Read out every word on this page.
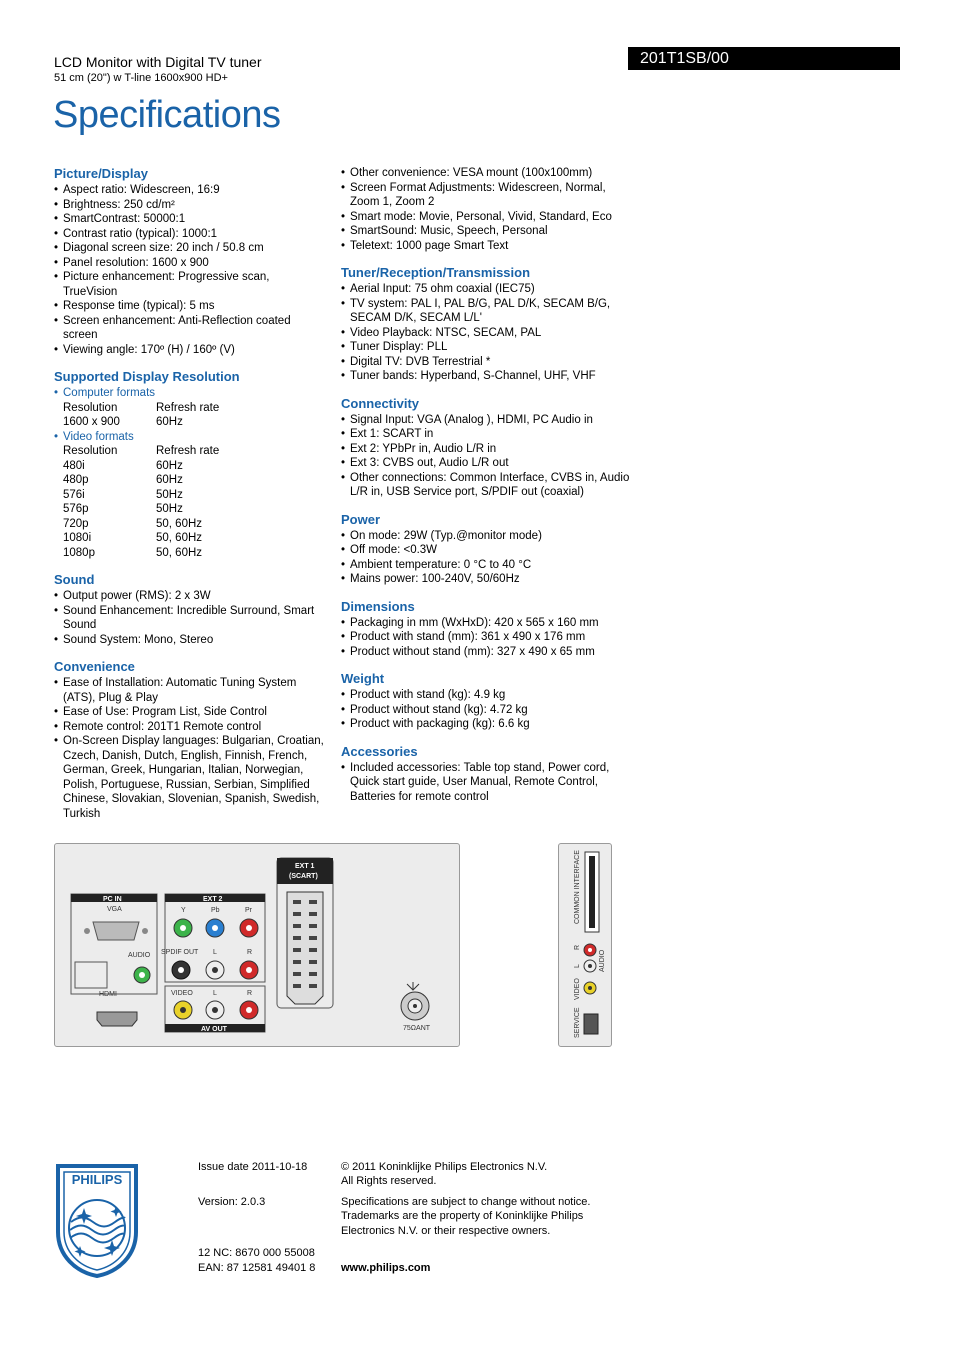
LCD Monitor with Digital TV tuner
51 cm (20") w T-line 1600x900 HD+
Specifications
201T1SB/00
Picture/Display
• Aspect ratio: Widescreen, 16:9
• Brightness: 250 cd/m²
• SmartContrast: 50000:1
• Contrast ratio (typical): 1000:1
• Diagonal screen size: 20 inch / 50.8 cm
• Panel resolution: 1600 x 900
• Picture enhancement: Progressive scan, TrueVision
• Response time (typical): 5 ms
• Screen enhancement: Anti-Reflection coated screen
• Viewing angle: 170º (H) / 160º (V)
Supported Display Resolution
• Computer formats
Resolution	Refresh rate
1600 x 900	60Hz
• Video formats
Resolution	Refresh rate
480i	60Hz
480p	60Hz
576i	50Hz
576p	50Hz
720p	50, 60Hz
1080i	50, 60Hz
1080p	50, 60Hz
Sound
• Output power (RMS): 2 x 3W
• Sound Enhancement: Incredible Surround, Smart Sound
• Sound System: Mono, Stereo
Convenience
• Ease of Installation: Automatic Tuning System (ATS), Plug & Play
• Ease of Use: Program List, Side Control
• Remote control: 201T1 Remote control
• On-Screen Display languages: Bulgarian, Croatian, Czech, Danish, Dutch, English, Finnish, French, German, Greek, Hungarian, Italian, Norwegian, Polish, Portuguese, Russian, Serbian, Simplified Chinese, Slovakian, Slovenian, Spanish, Swedish, Turkish
• Other convenience: VESA mount (100x100mm)
• Screen Format Adjustments: Widescreen, Normal, Zoom 1, Zoom 2
• Smart mode: Movie, Personal, Vivid, Standard, Eco
• SmartSound: Music, Speech, Personal
• Teletext: 1000 page Smart Text
Tuner/Reception/Transmission
• Aerial Input: 75 ohm coaxial (IEC75)
• TV system: PAL I, PAL B/G, PAL D/K, SECAM B/G, SECAM D/K, SECAM L/L'
• Video Playback: NTSC, SECAM, PAL
• Tuner Display: PLL
• Digital TV: DVB Terrestrial *
• Tuner bands: Hyperband, S-Channel, UHF, VHF
Connectivity
• Signal Input: VGA (Analog ), HDMI, PC Audio in
• Ext 1: SCART in
• Ext 2: YPbPr in, Audio L/R in
• Ext 3: CVBS out, Audio L/R out
• Other connections: Common Interface, CVBS in, Audio L/R in, USB Service port, S/PDIF out (coaxial)
Power
• On mode: 29W (Typ.@monitor mode)
• Off mode: <0.3W
• Ambient temperature: 0 °C to 40 °C
• Mains power: 100-240V, 50/60Hz
Dimensions
• Packaging in mm (WxHxD): 420 x 565 x 160 mm
• Product with stand (mm): 361 x 490 x 176 mm
• Product without stand (mm): 327 x 490 x 65 mm
Weight
• Product with stand (kg): 4.9 kg
• Product without stand (kg): 4.72 kg
• Product with packaging (kg): 6.6 kg
Accessories
• Included accessories: Table top stand, Power cord, Quick start guide, User Manual, Remote Control, Batteries for remote control
PC IN
VGA
AUDIO
HDMI
EXT 2
Y	Pb	Pr
SPDIF OUT L	R
AV OUT
VIDEO	L	R
EXT 1
(SCART)
75ΩANT
COMMON INTERFACE
R
L	AUDIO
VIDEO
SERVICE
PHILIPS
Issue date 2011-10-18
Version: 2.0.3
12 NC: 8670 000 55008
EAN: 87 12581 49401 8
© 2011 Koninklijke Philips Electronics N.V.
All Rights reserved.
Specifications are subject to change without notice.
Trademarks are the property of Koninklijke Philips
Electronics N.V. or their respective owners.
www.philips.com
